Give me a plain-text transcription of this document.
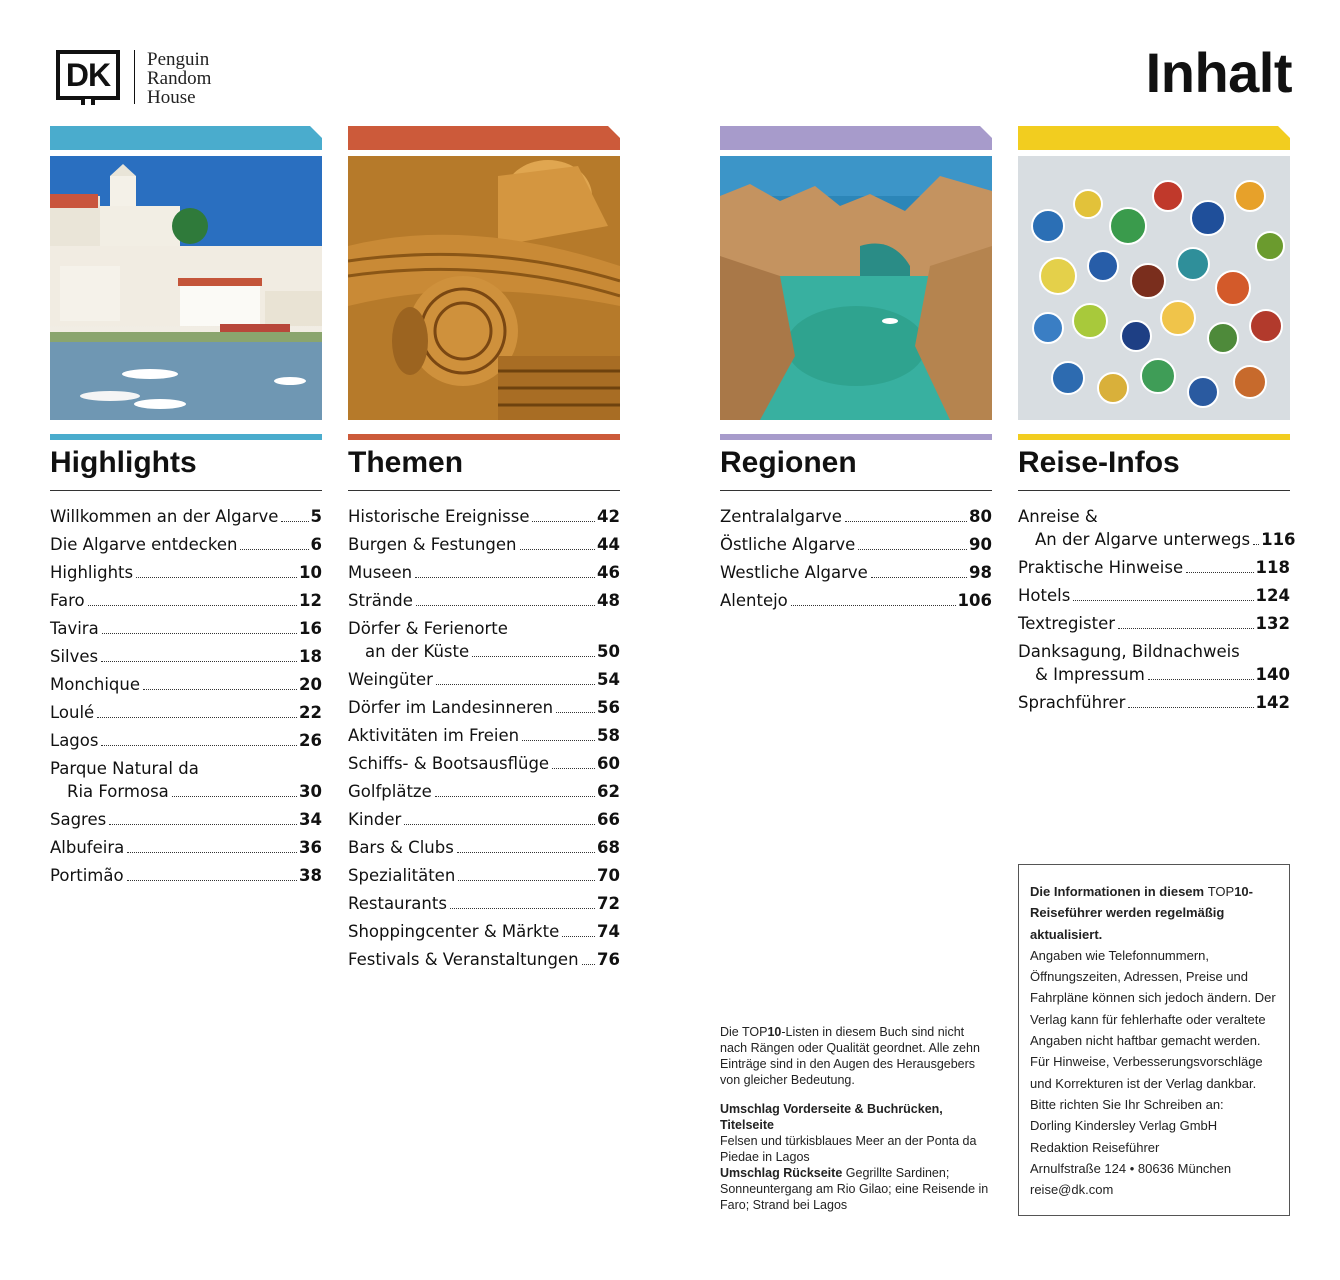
DK	Penguin
Random
House	Inhalt
Highlights
Willkommen an der Algarve 5
Die Algarve entdecken	6
Highlights	10
Faro	12
Tavira	16
Silves	18
Monchique	20
Loulé	22
Lagos	26
Parque Natural da
Ria Formosa	30
Sagres	34
Albufeira	36
Portimão	38
Themen
Historische Ereignisse	42
Burgen & Festungen	44
Museen	46
Strände	48
Dörfer & Ferienorte
an der Küste	50
Weingüter	54
Dörfer im Landesinneren	56
Aktivitäten im Freien	58
Schiffs- & Bootsausflüge	60
Golfplätze	62
Kinder	66
Bars & Clubs	68
Spezialitäten	70
Restaurants	72
Shoppingcenter & Märkte 74
Festivals & Veranstaltungen 76
Regionen
Zentralalgarve	80
Östliche Algarve	90
Westliche Algarve	98
Alentejo	106
Reise-Infos
Anreise &
An der Algarve unterwegs 116
Praktische Hinweise	118
Hotels	124
Textregister	132
Danksagung, Bildnachweis
& Impressum	140
Sprachführer	142

Die TOP10-Listen in diesem Buch sind nicht nach Rängen oder Qualität geordnet. Alle zehn Einträge sind in den Augen des Herausgebers von gleicher Bedeutung.

Umschlag Vorderseite & Buchrücken, Titelseite
Felsen und türkisblaues Meer an der Ponta da Piedae in Lagos
Umschlag Rückseite Gegrillte Sardinen; Sonneuntergang am Rio Gilao; eine Reisende in Faro; Strand bei Lagos
Die Informationen in diesem TOP10- Reiseführer werden regelmäßig aktualisiert.
Angaben wie Telefonnummern, Öffnungszeiten, Adressen, Preise und Fahrpläne können sich jedoch ändern. Der Verlag kann für fehlerhafte oder veraltete Angaben nicht haftbar gemacht werden. Für Hinweise, Verbesserungsvorschläge und Korrekturen ist der Verlag dankbar. Bitte richten Sie Ihr Schreiben an:
Dorling Kindersley Verlag GmbH
Redaktion Reiseführer
Arnulfstraße 124 • 80636 München
reise@dk.com
